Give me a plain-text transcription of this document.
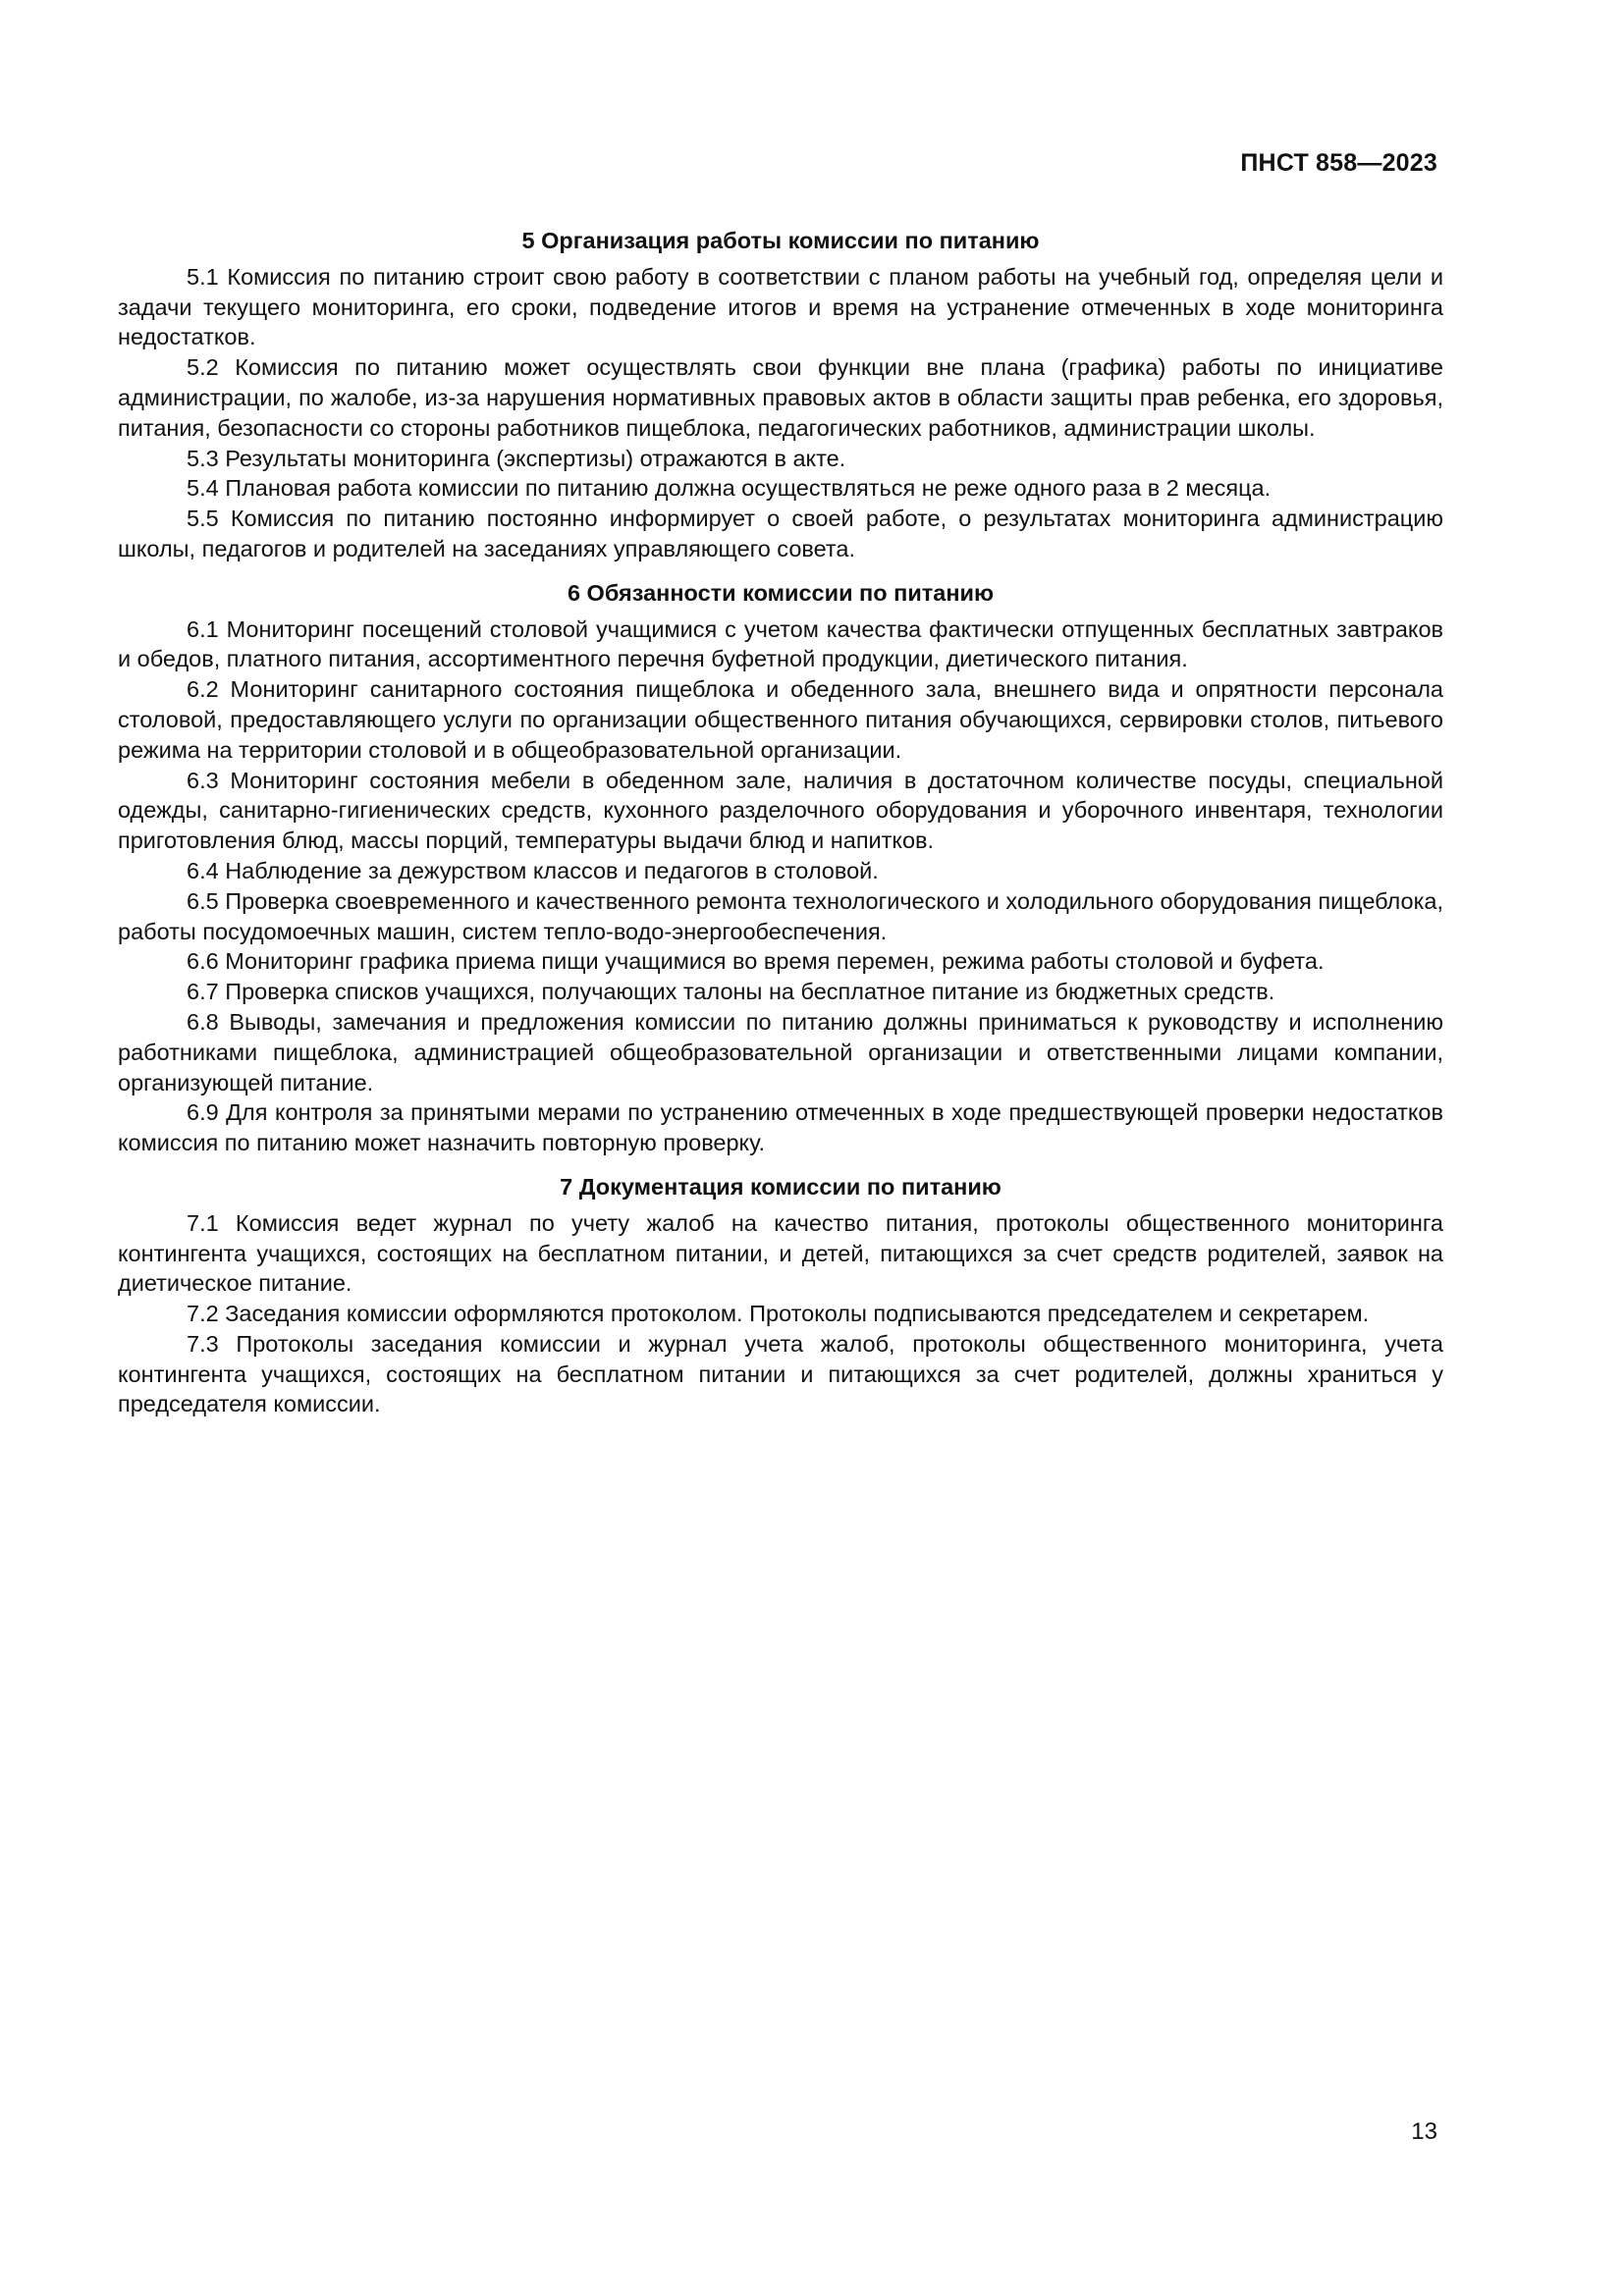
ПНСТ 858—2023
5 Организация работы комиссии по питанию

5.1 Комиссия по питанию строит свою работу в соответствии с планом работы на учебный год, определяя цели и задачи текущего мониторинга, его сроки, подведение итогов и время на устранение отмеченных в ходе мониторинга недостатков.

5.2 Комиссия по питанию может осуществлять свои функции вне плана (графика) работы по инициативе администрации, по жалобе, из-за нарушения нормативных правовых актов в области защиты прав ребенка, его здоровья, питания, безопасности со стороны работников пищеблока, педагогических работников, администрации школы.

5.3 Результаты мониторинга (экспертизы) отражаются в акте.

5.4 Плановая работа комиссии по питанию должна осуществляться не реже одного раза в 2 месяца.

5.5 Комиссия по питанию постоянно информирует о своей работе, о результатах мониторинга администрацию школы, педагогов и родителей на заседаниях управляющего совета.

6 Обязанности комиссии по питанию

6.1 Мониторинг посещений столовой учащимися с учетом качества фактически отпущенных бесплатных завтраков и обедов, платного питания, ассортиментного перечня буфетной продукции, диетического питания.

6.2 Мониторинг санитарного состояния пищеблока и обеденного зала, внешнего вида и опрятности персонала столовой, предоставляющего услуги по организации общественного питания обучающихся, сервировки столов, питьевого режима на территории столовой и в общеобразовательной организации.

6.3 Мониторинг состояния мебели в обеденном зале, наличия в достаточном количестве посуды, специальной одежды, санитарно-гигиенических средств, кухонного разделочного оборудования и уборочного инвентаря, технологии приготовления блюд, массы порций, температуры выдачи блюд и напитков.

6.4 Наблюдение за дежурством классов и педагогов в столовой.

6.5 Проверка своевременного и качественного ремонта технологического и холодильного оборудования пищеблока, работы посудомоечных машин, систем тепло-водо-энергообеспечения.

6.6 Мониторинг графика приема пищи учащимися во время перемен, режима работы столовой и буфета.

6.7 Проверка списков учащихся, получающих талоны на бесплатное питание из бюджетных средств.

6.8 Выводы, замечания и предложения комиссии по питанию должны приниматься к руководству и исполнению работниками пищеблока, администрацией общеобразовательной организации и ответственными лицами компании, организующей питание.

6.9 Для контроля за принятыми мерами по устранению отмеченных в ходе предшествующей проверки недостатков комиссия по питанию может назначить повторную проверку.

7 Документация комиссии по питанию

7.1 Комиссия ведет журнал по учету жалоб на качество питания, протоколы общественного мониторинга контингента учащихся, состоящих на бесплатном питании, и детей, питающихся за счет средств родителей, заявок на диетическое питание.

7.2 Заседания комиссии оформляются протоколом. Протоколы подписываются председателем и секретарем.

7.3 Протоколы заседания комиссии и журнал учета жалоб, протоколы общественного мониторинга, учета контингента учащихся, состоящих на бесплатном питании и питающихся за счет родителей, должны храниться у председателя комиссии.

13
